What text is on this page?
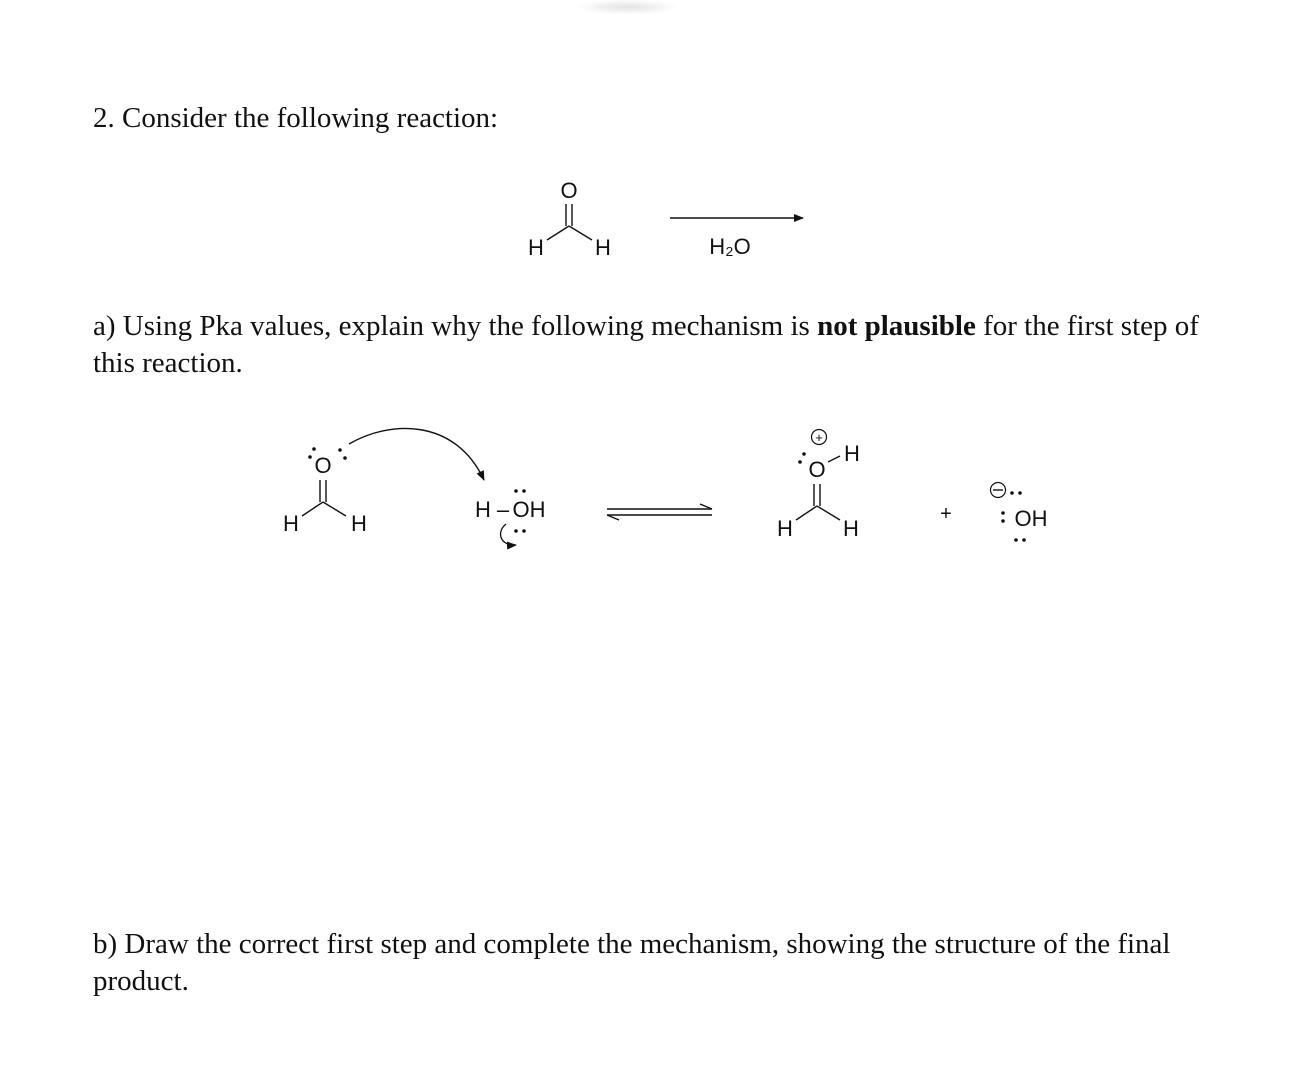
2. Consider the following reaction:

a) Using Pka values, explain why the following mechanism is not plausible for the first step of this reaction.

b) Draw the correct first step and complete the mechanism, showing the structure of the final product.

O
H H	H₂O
O
H H
H – OH
+
O
H
H H
+	OH
